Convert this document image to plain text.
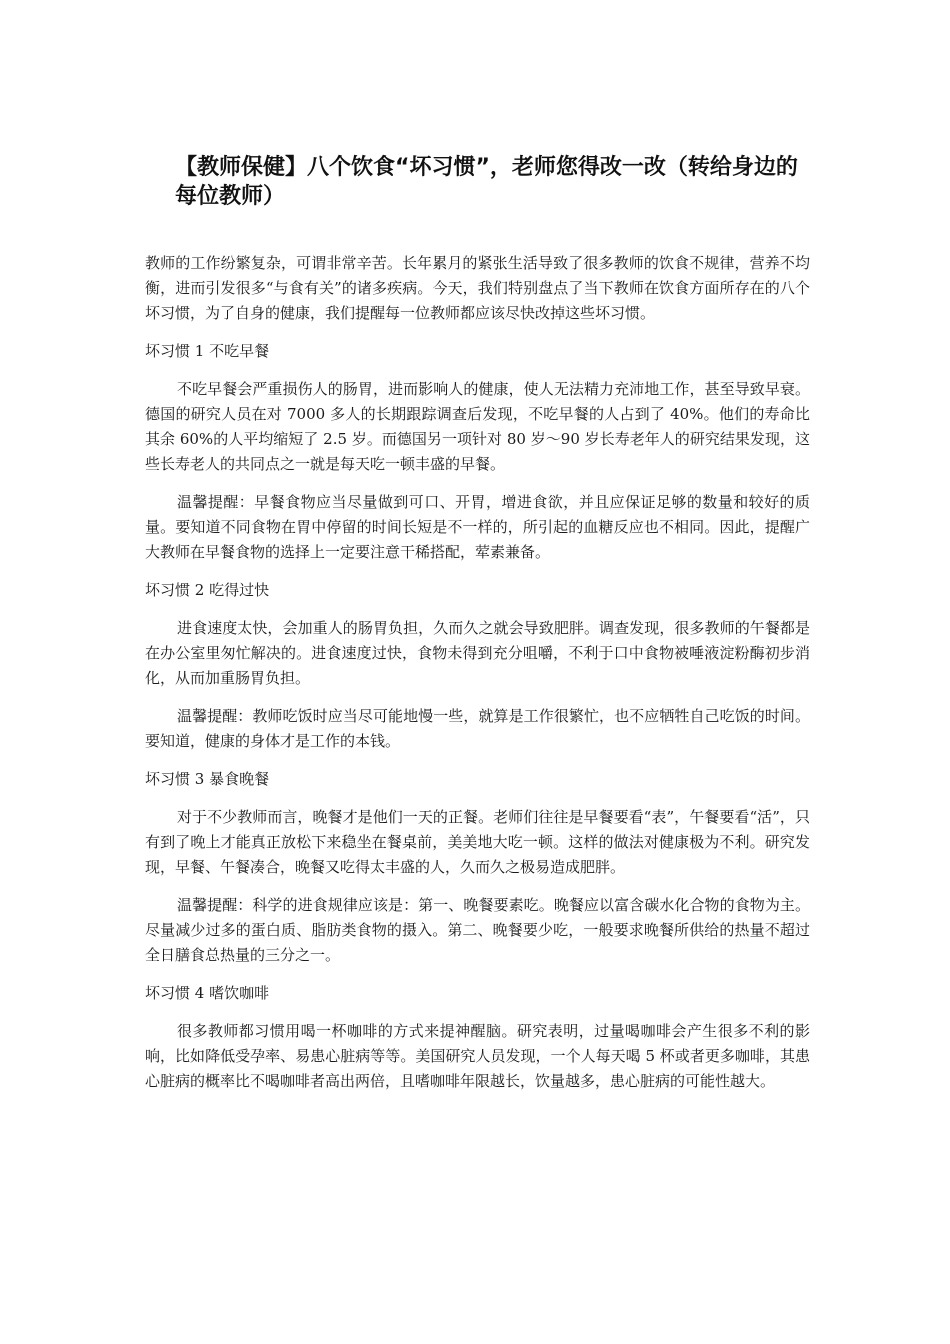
【教师保健】八个饮食“坏习惯”，老师您得改一改（转给身边的每位教师）

教师的工作纷繁复杂，可谓非常辛苦。长年累月的紧张生活导致了很多教师的饮食不规律，营养不均衡，进而引发很多“与食有关”的诸多疾病。今天，我们特别盘点了当下教师在饮食方面所存在的八个坏习惯，为了自身的健康，我们提醒每一位教师都应该尽快改掉这些坏习惯。

坏习惯 1 不吃早餐

不吃早餐会严重损伤人的肠胃，进而影响人的健康，使人无法精力充沛地工作，甚至导致早衰。德国的研究人员在对 7000 多人的长期跟踪调查后发现，不吃早餐的人占到了 40%。他们的寿命比其余 60%的人平均缩短了 2.5 岁。而德国另一项针对 80 岁～90 岁长寿老年人的研究结果发现，这些长寿老人的共同点之一就是每天吃一顿丰盛的早餐。

温馨提醒：早餐食物应当尽量做到可口、开胃，增进食欲，并且应保证足够的数量和较好的质量。要知道不同食物在胃中停留的时间长短是不一样的，所引起的血糖反应也不相同。因此，提醒广大教师在早餐食物的选择上一定要注意干稀搭配，荤素兼备。

坏习惯 2 吃得过快

进食速度太快，会加重人的肠胃负担，久而久之就会导致肥胖。调查发现，很多教师的午餐都是在办公室里匆忙解决的。进食速度过快，食物未得到充分咀嚼，不利于口中食物被唾液淀粉酶初步消化，从而加重肠胃负担。

温馨提醒：教师吃饭时应当尽可能地慢一些，就算是工作很繁忙，也不应牺牲自己吃饭的时间。要知道，健康的身体才是工作的本钱。

坏习惯 3 暴食晚餐

对于不少教师而言，晚餐才是他们一天的正餐。老师们往往是早餐要看“表”，午餐要看“活”，只有到了晚上才能真正放松下来稳坐在餐桌前，美美地大吃一顿。这样的做法对健康极为不利。研究发现，早餐、午餐凑合，晚餐又吃得太丰盛的人，久而久之极易造成肥胖。

温馨提醒：科学的进食规律应该是：第一、晚餐要素吃。晚餐应以富含碳水化合物的食物为主。尽量减少过多的蛋白质、脂肪类食物的摄入。第二、晚餐要少吃，一般要求晚餐所供给的热量不超过全日膳食总热量的三分之一。

坏习惯 4 嗜饮咖啡

很多教师都习惯用喝一杯咖啡的方式来提神醒脑。研究表明，过量喝咖啡会产生很多不利的影响，比如降低受孕率、易患心脏病等等。美国研究人员发现，一个人每天喝 5 杯或者更多咖啡，其患心脏病的概率比不喝咖啡者高出两倍，且嗜咖啡年限越长，饮量越多，患心脏病的可能性越大。
